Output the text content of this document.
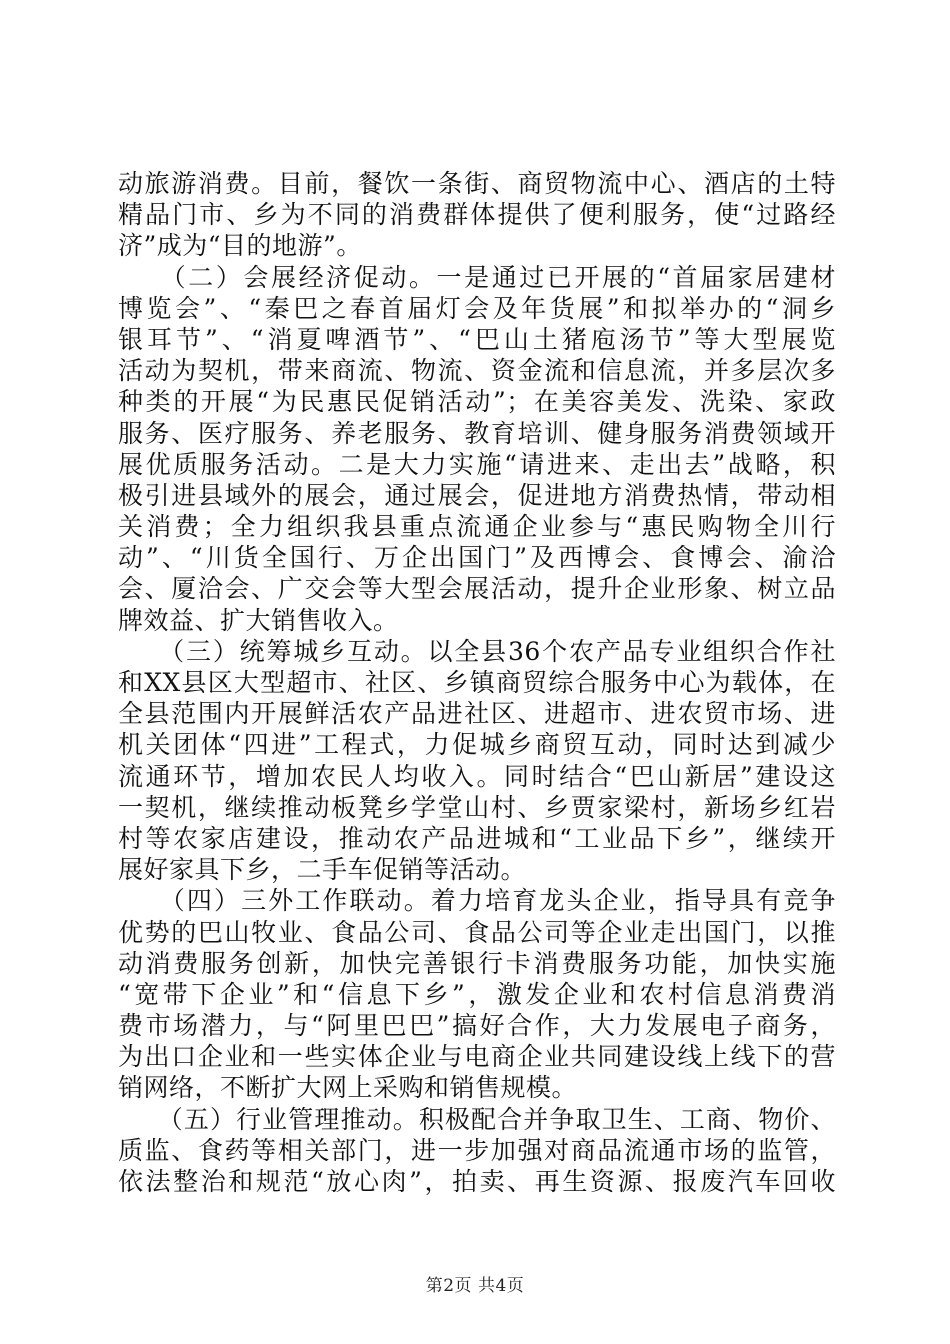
动旅游消费。目前，餐饮一条街、商贸物流中心、酒店的土特
精品门市、乡为不同的消费群体提供了便利服务，使“过路经
济”成为“目的地游”。
　　（二）会展经济促动。一是通过已开展的“首届家居建材
博览会”、“秦巴之春首届灯会及年货展”和拟举办的“洞乡
银耳节”、“消夏啤酒节”、“巴山土猪庖汤节”等大型展览
活动为契机，带来商流、物流、资金流和信息流，并多层次多
种类的开展“为民惠民促销活动”；在美容美发、洗染、家政
服务、医疗服务、养老服务、教育培训、健身服务消费领域开
展优质服务活动。二是大力实施“请进来、走出去”战略，积
极引进县域外的展会，通过展会，促进地方消费热情，带动相
关消费；全力组织我县重点流通企业参与“惠民购物全川行
动”、“川货全国行、万企出国门”及西博会、食博会、渝洽
会、厦洽会、广交会等大型会展活动，提升企业形象、树立品
牌效益、扩大销售收入。
　　（三）统筹城乡互动。以全县36个农产品专业组织合作社
和XX县区大型超市、社区、乡镇商贸综合服务中心为载体，在
全县范围内开展鲜活农产品进社区、进超市、进农贸市场、进
机关团体“四进”工程式，力促城乡商贸互动，同时达到减少
流通环节，增加农民人均收入。同时结合“巴山新居”建设这
一契机，继续推动板凳乡学堂山村、乡贾家梁村，新场乡红岩
村等农家店建设，推动农产品进城和“工业品下乡”，继续开
展好家具下乡，二手车促销等活动。
　　（四）三外工作联动。着力培育龙头企业，指导具有竞争
优势的巴山牧业、食品公司、食品公司等企业走出国门，以推
动消费服务创新，加快完善银行卡消费服务功能，加快实施
“宽带下企业”和“信息下乡”，激发企业和农村信息消费消
费市场潜力，与“阿里巴巴”搞好合作，大力发展电子商务，
为出口企业和一些实体企业与电商企业共同建设线上线下的营
销网络，不断扩大网上采购和销售规模。
　　（五）行业管理推动。积极配合并争取卫生、工商、物价、
质监、食药等相关部门，进一步加强对商品流通市场的监管，
依法整治和规范“放心肉”，拍卖、再生资源、报废汽车回收
第2页 共4页
